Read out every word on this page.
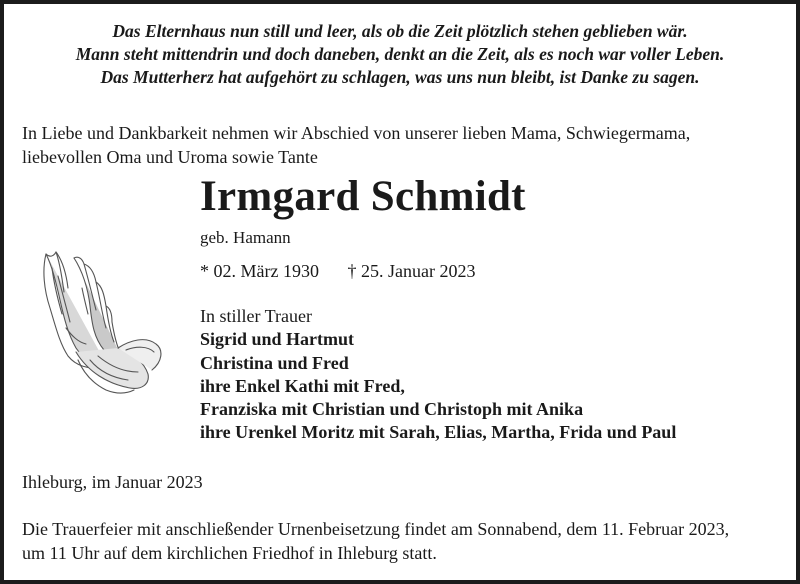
Das Elternhaus nun still und leer, als ob die Zeit plötzlich stehen geblieben wär.
Mann steht mittendrin und doch daneben, denkt an die Zeit, als es noch war voller Leben.
Das Mutterherz hat aufgehört zu schlagen, was uns nun bleibt, ist Danke zu sagen.
In Liebe und Dankbarkeit nehmen wir Abschied von unserer lieben Mama, Schwiegermama,
liebevollen Oma und Uroma sowie Tante
Irmgard Schmidt
geb. Hamann
* 02. März 1930 † 25. Januar 2023
In stiller Trauer
Sigrid und Hartmut
Christina und Fred
ihre Enkel Kathi mit Fred,
Franziska mit Christian und Christoph mit Anika
ihre Urenkel Moritz mit Sarah, Elias, Martha, Frida und Paul
Ihleburg, im Januar 2023
Die Trauerfeier mit anschließender Urnenbeisetzung findet am Sonnabend, dem 11. Februar 2023,
um 11 Uhr auf dem kirchlichen Friedhof in Ihleburg statt.
